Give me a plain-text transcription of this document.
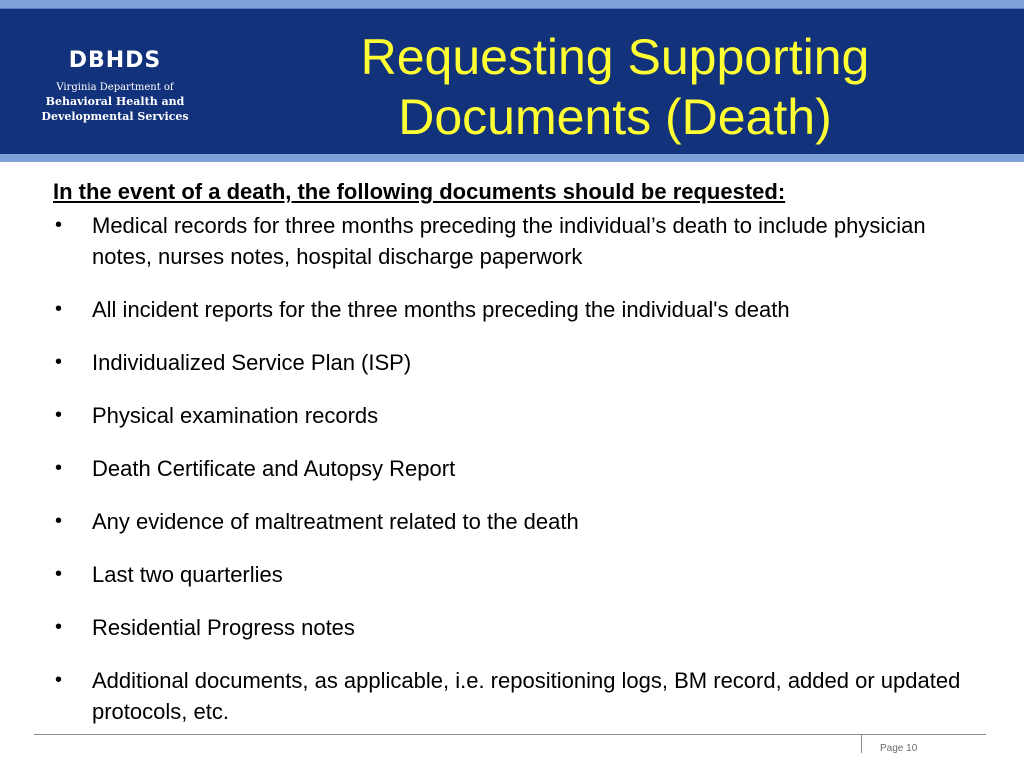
DBHDS
Virginia Department of
Behavioral Health and
Developmental Services
Requesting Supporting
Documents (Death)

In the event of a death, the following documents should be requested:

• Medical records for three months preceding the individual’s death to include physician notes, nurses notes, hospital discharge paperwork
• All incident reports for the three months preceding the individual's death
• Individualized Service Plan (ISP)
• Physical examination records
• Death Certificate and Autopsy Report
• Any evidence of maltreatment related to the death
• Last two quarterlies
• Residential Progress notes
• Additional documents, as applicable, i.e. repositioning logs, BM record, added or updated protocols, etc.
Page 10
